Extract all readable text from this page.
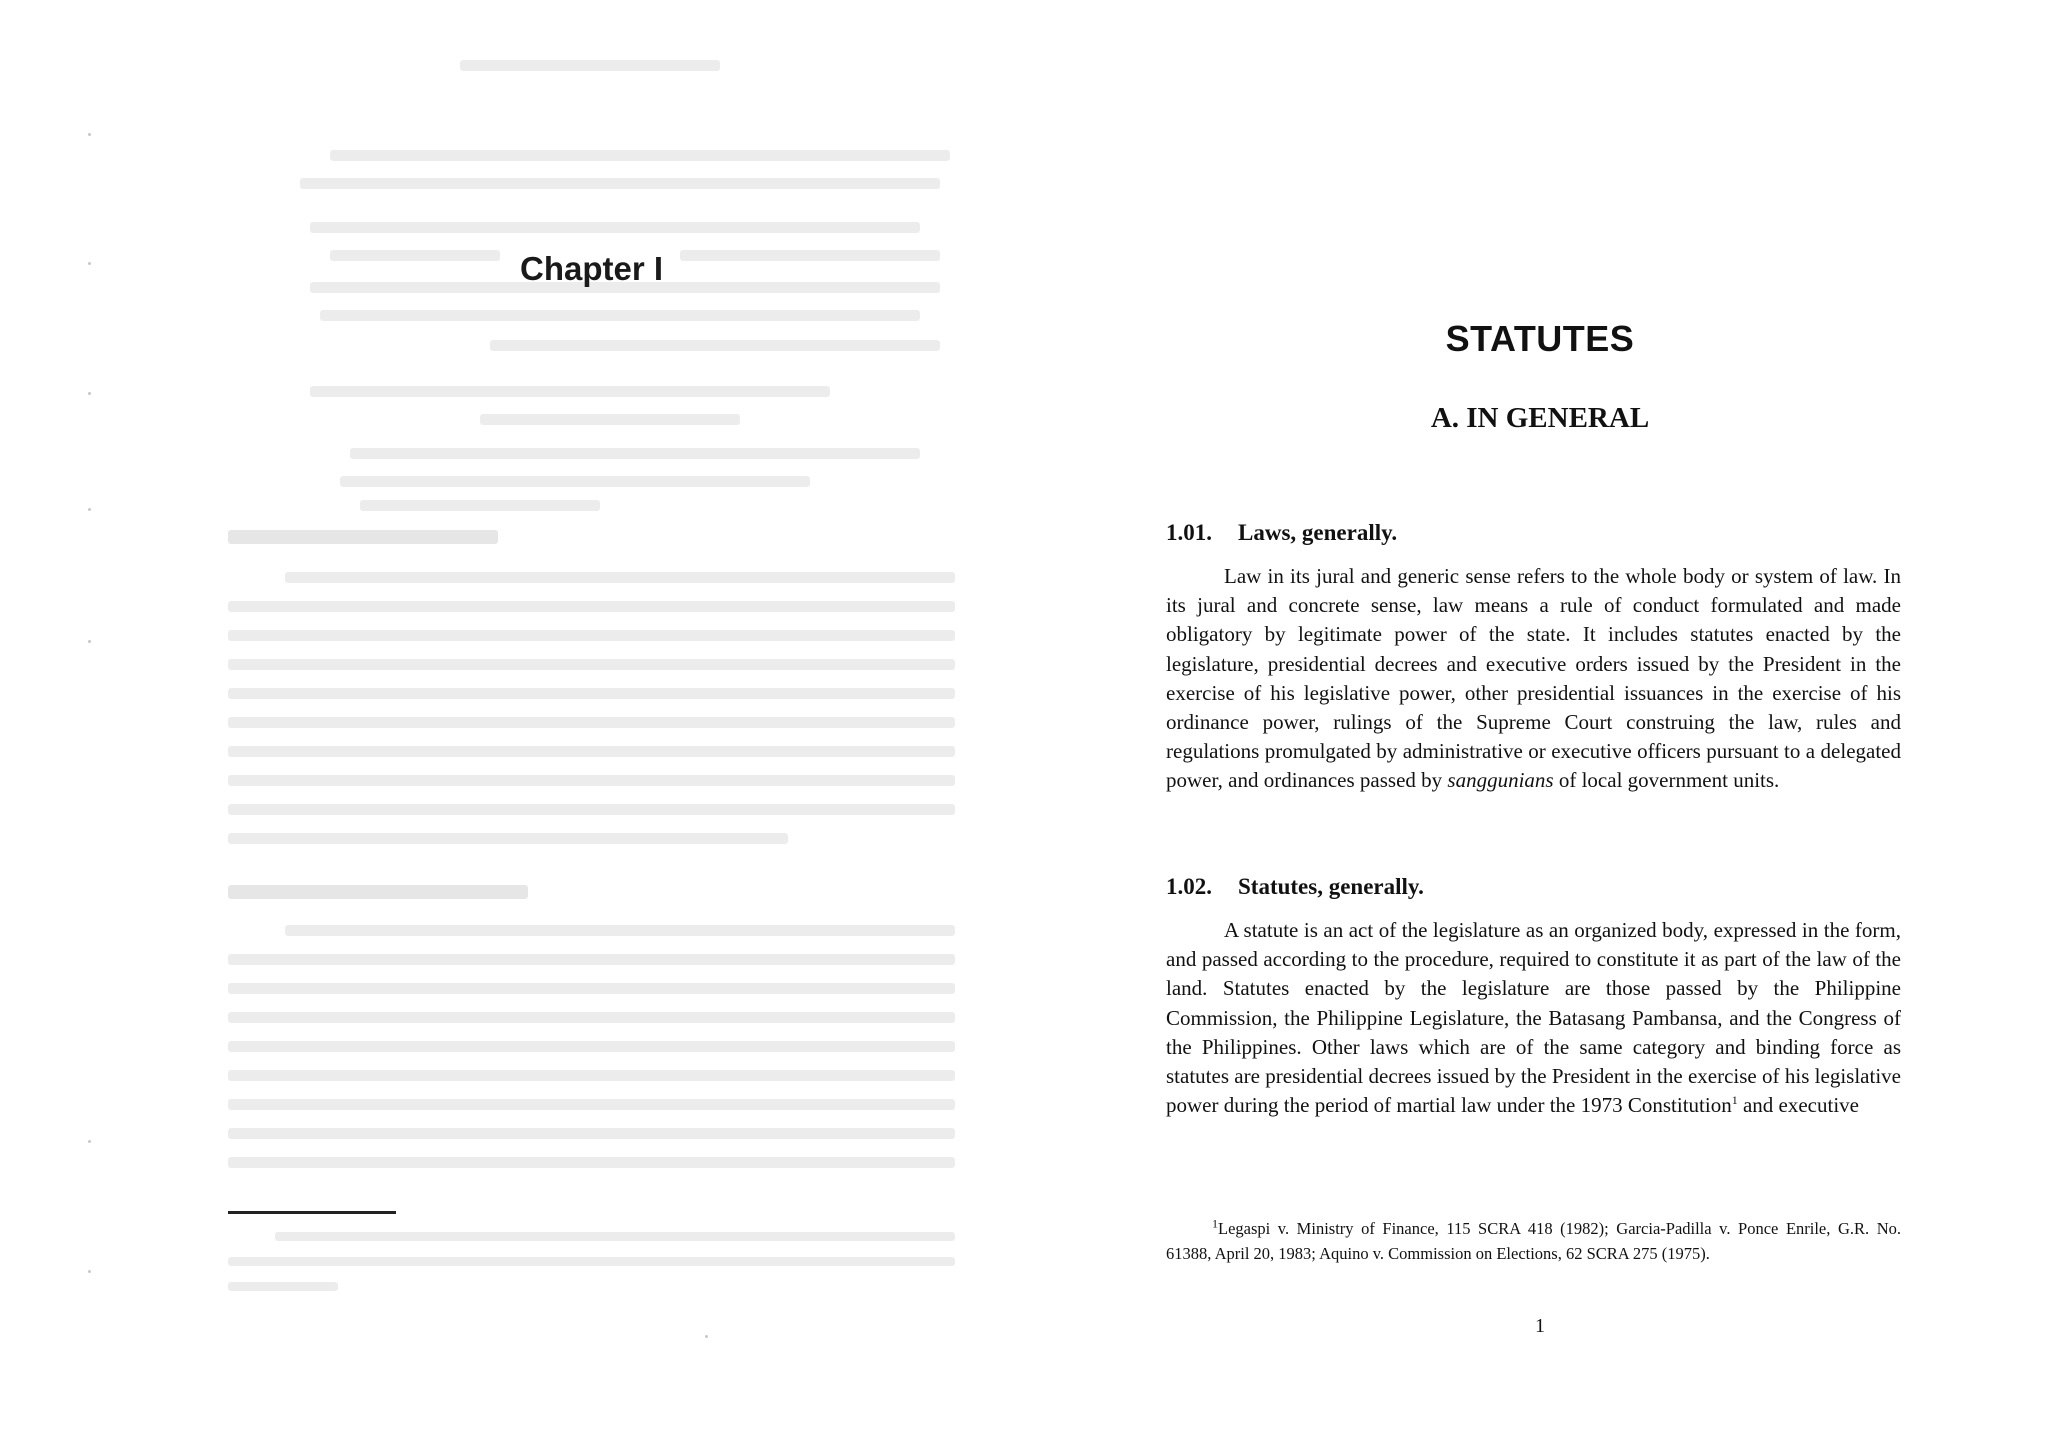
Chapter I
STATUTES
A. IN GENERAL
1.01. Laws, generally.
Law in its jural and generic sense refers to the whole body or system of law. In its jural and concrete sense, law means a rule of conduct formulated and made obligatory by legitimate power of the state. It includes statutes enacted by the legislature, presidential decrees and executive orders issued by the President in the exercise of his legislative power, other presidential issuances in the exercise of his ordinance power, rulings of the Supreme Court construing the law, rules and regulations promulgated by administrative or executive officers pursuant to a delegated power, and ordinances passed by sanggunians of local government units.
1.02. Statutes, generally.
A statute is an act of the legislature as an organized body, expressed in the form, and passed according to the procedure, required to constitute it as part of the law of the land. Statutes enacted by the legislature are those passed by the Philippine Commission, the Philippine Legislature, the Batasang Pambansa, and the Congress of the Philippines. Other laws which are of the same category and binding force as statutes are presidential decrees issued by the President in the exercise of his legislative power during the period of martial law under the 1973 Constitution$^1$ and executive
$^1$Legaspi v. Ministry of Finance, 115 SCRA 418 (1982); Garcia-Padilla v. Ponce Enrile, G.R. No. 61388, April 20, 1983; Aquino v. Commission on Elections, 62 SCRA 275 (1975).
1
